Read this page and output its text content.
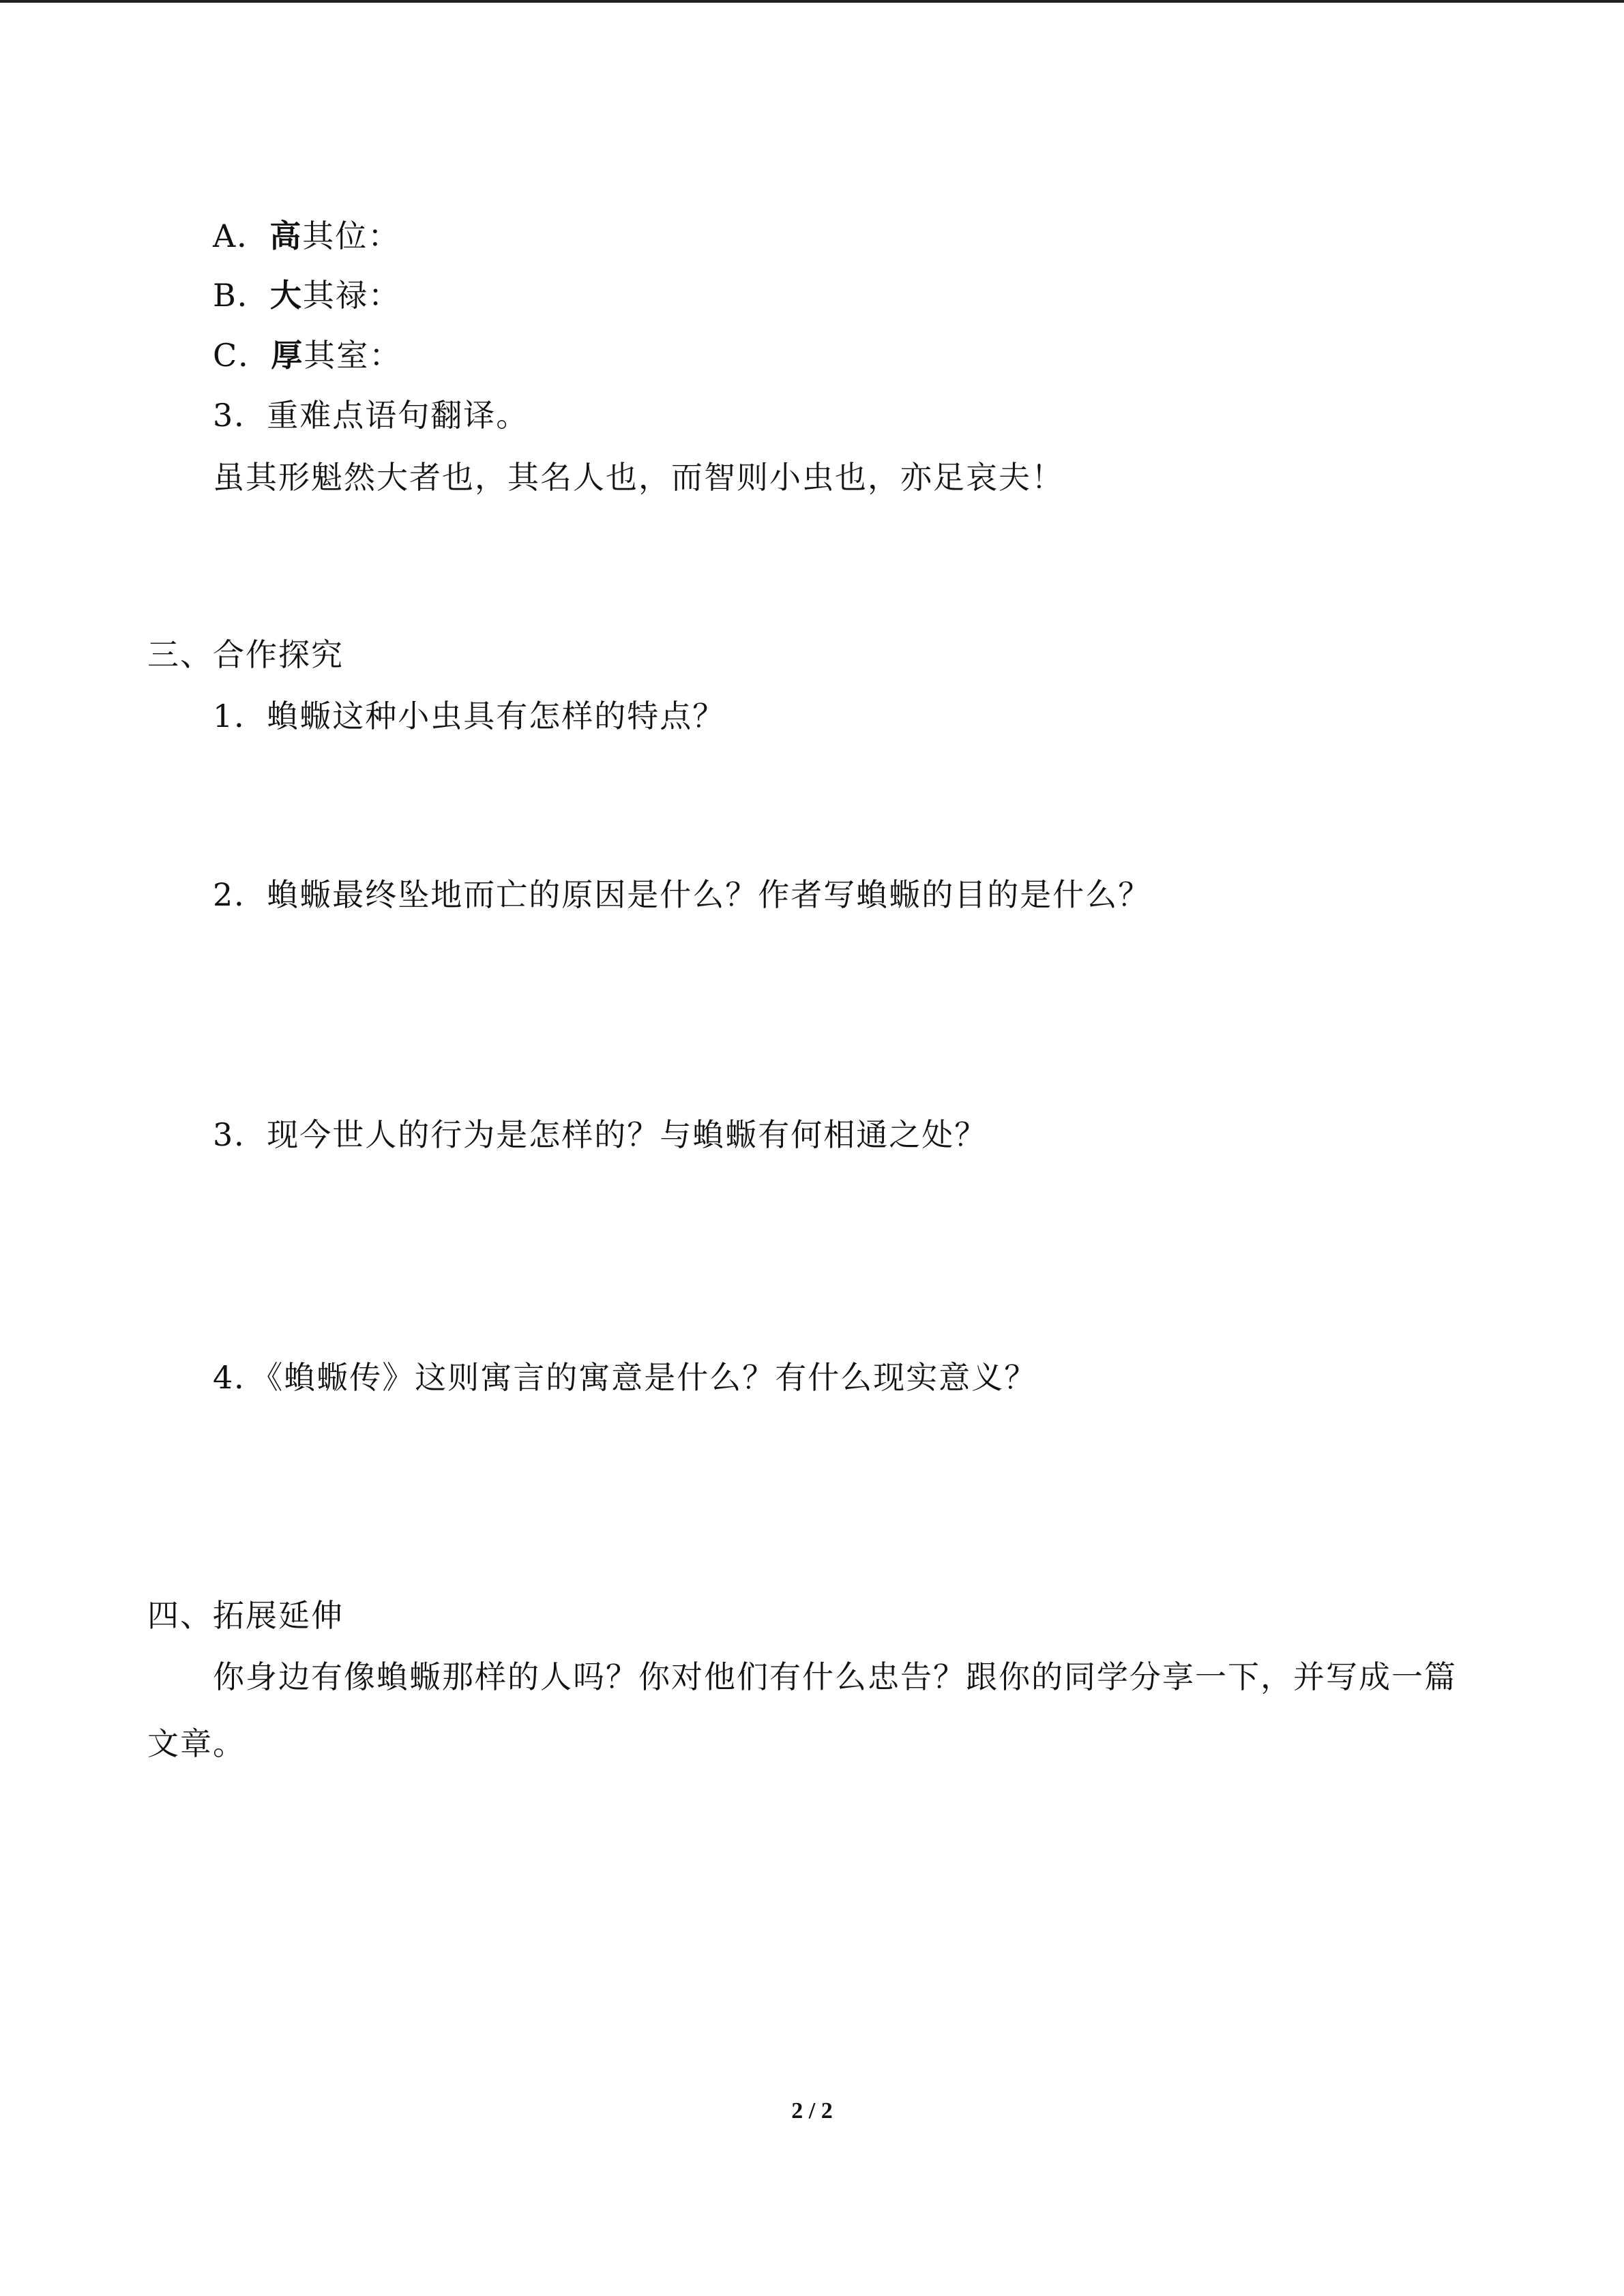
A．高其位：
B．大其禄：
C．厚其室：
3．重难点语句翻译。
虽其形魁然大者也，其名人也，而智则小虫也，亦足哀夫！
三、合作探究
1．蝜蝂这种小虫具有怎样的特点？
2．蝜蝂最终坠地而亡的原因是什么？作者写蝜蝂的目的是什么？
3．现今世人的行为是怎样的？与蝜蝂有何相通之处？
4．《蝜蝂传》这则寓言的寓意是什么？有什么现实意义？
四、拓展延伸
你身边有像蝜蝂那样的人吗？你对他们有什么忠告？跟你的同学分享一下，并写成一篇文章。
2 / 2
